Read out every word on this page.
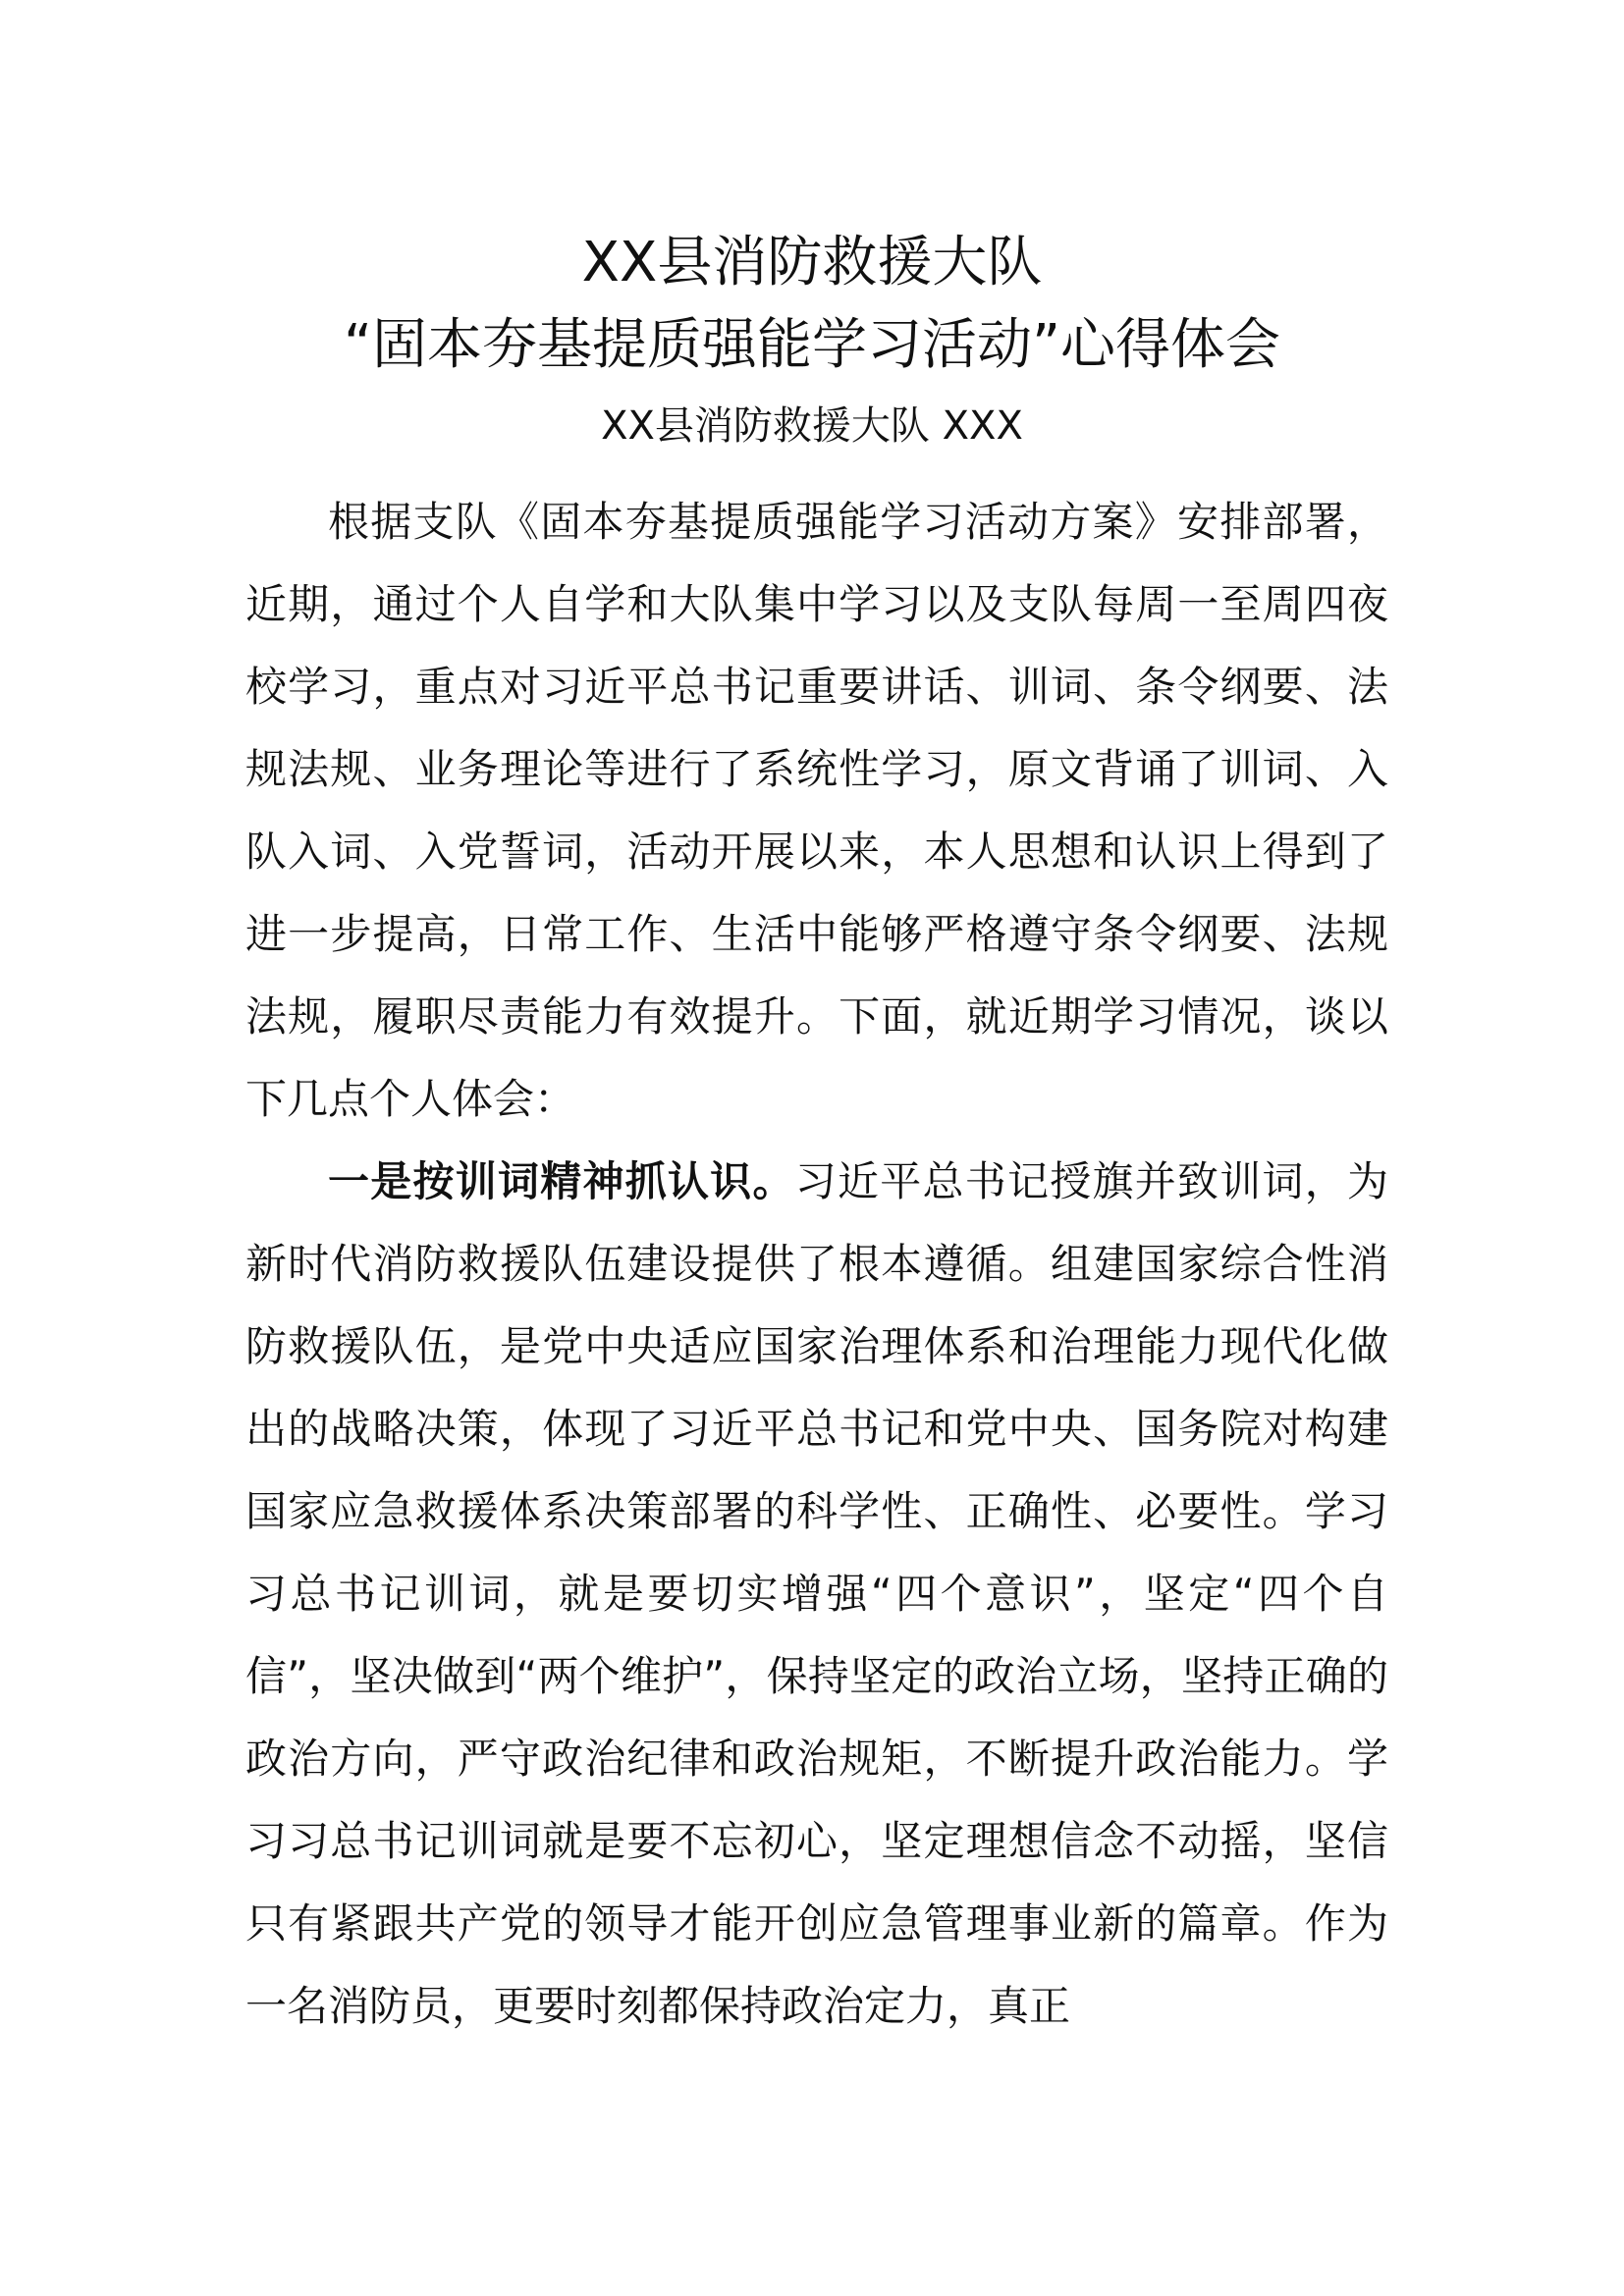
XX县消防救援大队
“固本夯基提质强能学习活动”心得体会
XX县消防救援大队 XXX

根据支队《固本夯基提质强能学习活动方案》安排部署，近期，通过个人自学和大队集中学习以及支队每周一至周四夜校学习，重点对习近平总书记重要讲话、训词、条令纲要、法规法规、业务理论等进行了系统性学习，原文背诵了训词、入队入词、入党誓词，活动开展以来，本人思想和认识上得到了进一步提高，日常工作、生活中能够严格遵守条令纲要、法规法规，履职尽责能力有效提升。下面，就近期学习情况，谈以下几点个人体会：

一是按训词精神抓认识。习近平总书记授旗并致训词，为新时代消防救援队伍建设提供了根本遵循。组建国家综合性消防救援队伍，是党中央适应国家治理体系和治理能力现代化做出的战略决策，体现了习近平总书记和党中央、国务院对构建国家应急救援体系决策部署的科学性、正确性、必要性。学习习总书记训词，就是要切实增强“四个意识”，坚定“四个自信”，坚决做到“两个维护”，保持坚定的政治立场，坚持正确的政治方向，严守政治纪律和政治规矩，不断提升政治能力。学习习总书记训词就是要不忘初心，坚定理想信念不动摇，坚信只有紧跟共产党的领导才能开创应急管理事业新的篇章。作为一名消防员，更要时刻都保持政治定力，真正
